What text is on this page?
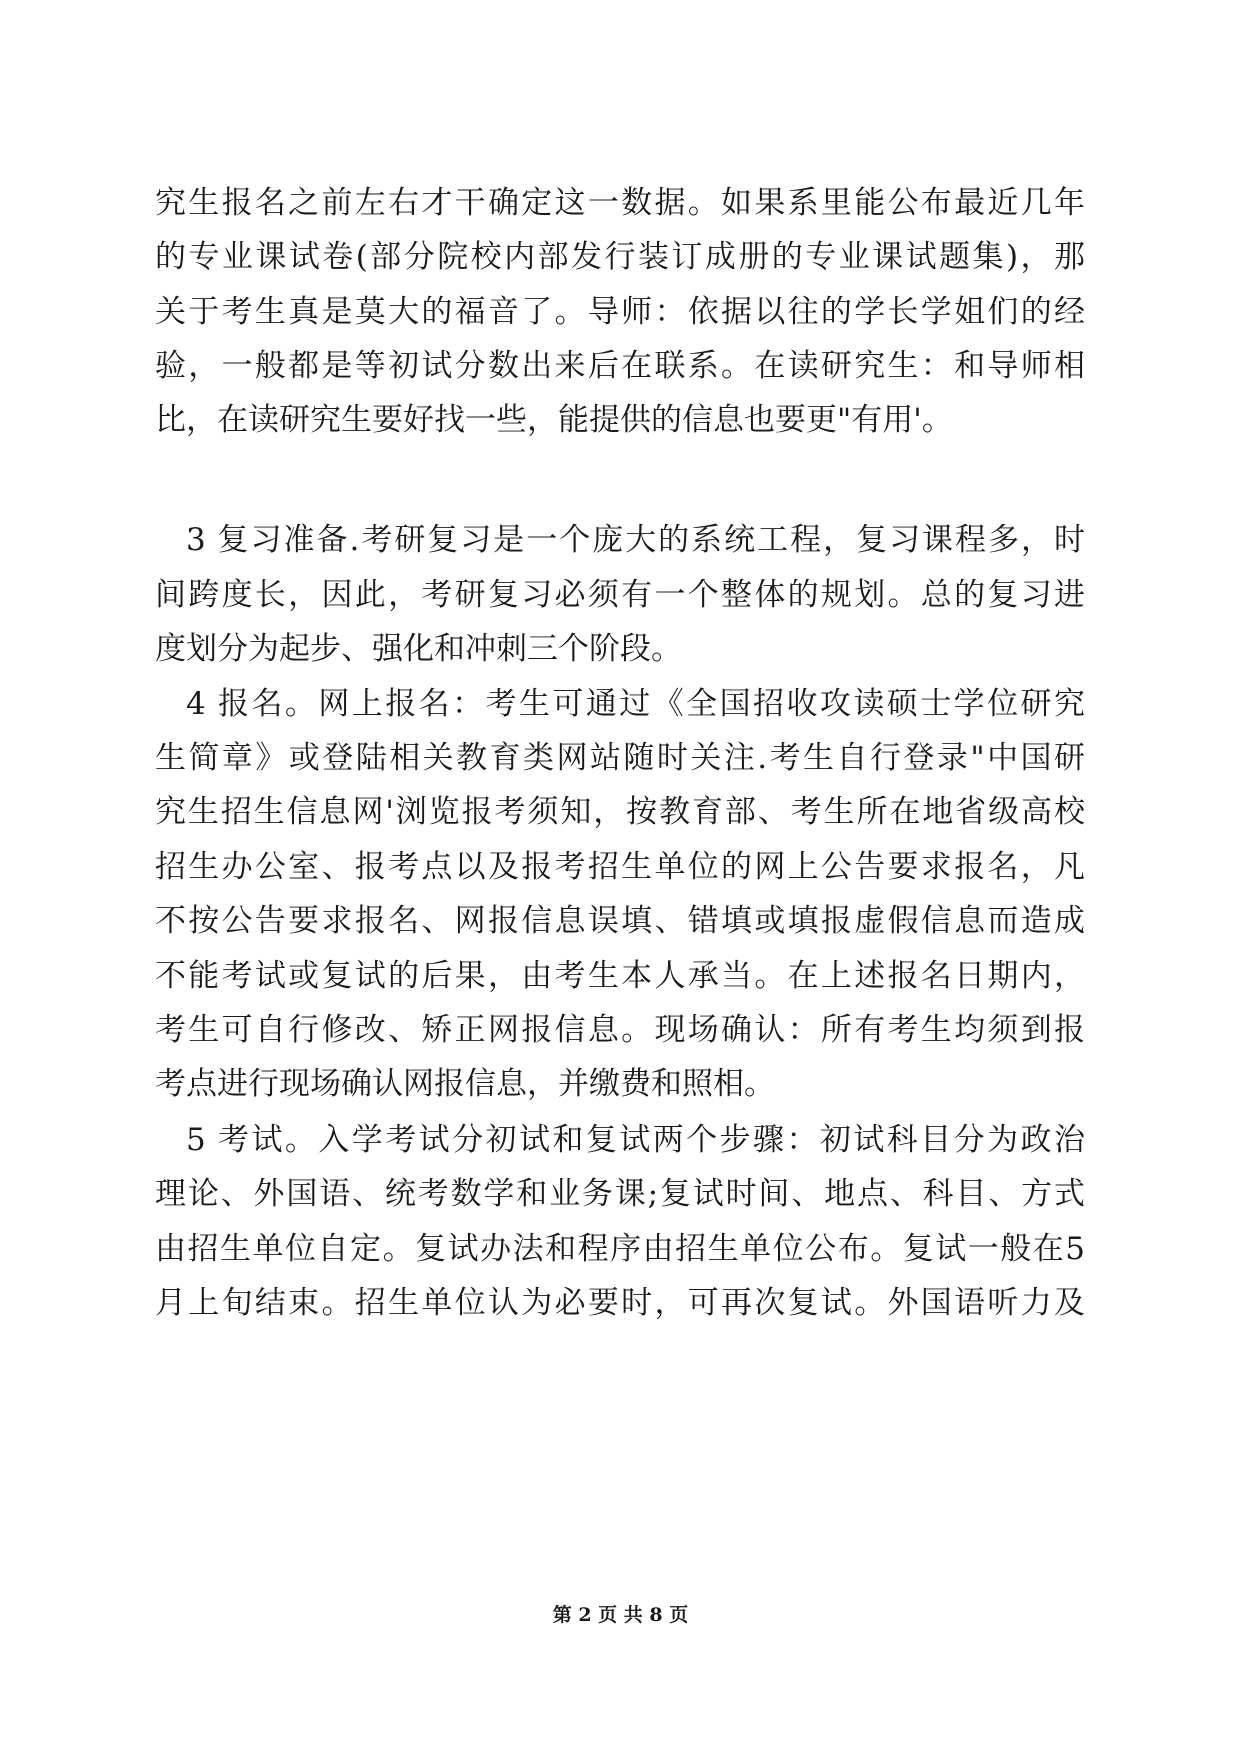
究生报名之前左右才干确定这一数据。如果系里能公布最近几年
的专业课试卷(部分院校内部发行装订成册的专业课试题集)，那
关于考生真是莫大的福音了。导师：依据以往的学长学姐们的经
验，一般都是等初试分数出来后在联系。在读研究生：和导师相
比，在读研究生要好找一些，能提供的信息也要更"有用'。
3 复习准备.考研复习是一个庞大的系统工程，复习课程多，时
间跨度长，因此，考研复习必须有一个整体的规划。总的复习进
度划分为起步、强化和冲刺三个阶段。
4 报名。网上报名：考生可通过《全国招收攻读硕士学位研究
生简章》或登陆相关教育类网站随时关注.考生自行登录"中国研
究生招生信息网'浏览报考须知，按教育部、考生所在地省级高校
招生办公室、报考点以及报考招生单位的网上公告要求报名，凡
不按公告要求报名、网报信息误填、错填或填报虚假信息而造成
不能考试或复试的后果，由考生本人承当。在上述报名日期内，
考生可自行修改、矫正网报信息。现场确认：所有考生均须到报
考点进行现场确认网报信息，并缴费和照相。
5 考试。入学考试分初试和复试两个步骤：初试科目分为政治
理论、外国语、统考数学和业务课;复试时间、地点、科目、方式
由招生单位自定。复试办法和程序由招生单位公布。复试一般在5
月上旬结束。招生单位认为必要时，可再次复试。外国语听力及
第 2 页 共 8 页
